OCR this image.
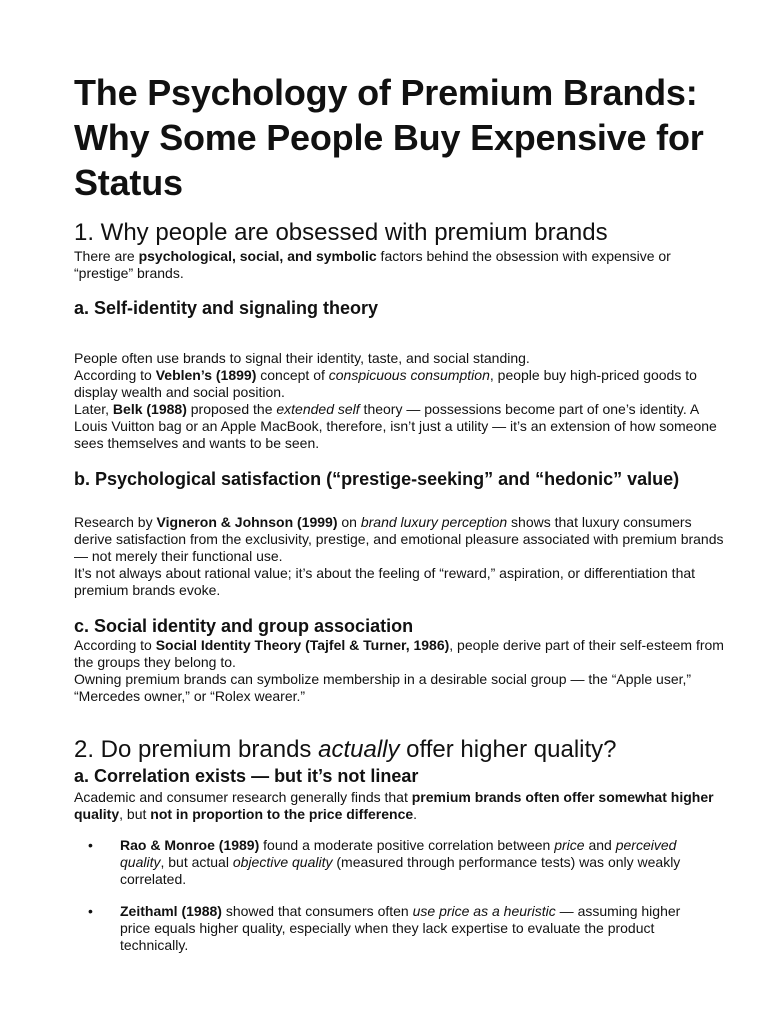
The Psychology of Premium Brands: Why Some People Buy Expensive for Status
1. Why people are obsessed with premium brands

There are psychological, social, and symbolic factors behind the obsession with expensive or “prestige” brands.

a. Self-identity and signaling theory
People often use brands to signal their identity, taste, and social standing.
According to Veblen’s (1899) concept of conspicuous consumption, people buy high-priced goods to display wealth and social position.
Later, Belk (1988) proposed the extended self theory — possessions become part of one’s identity. A Louis Vuitton bag or an Apple MacBook, therefore, isn’t just a utility — it’s an extension of how someone sees themselves and wants to be seen.
b. Psychological satisfaction (“prestige-seeking” and “hedonic” value)
Research by Vigneron & Johnson (1999) on brand luxury perception shows that luxury consumers derive satisfaction from the exclusivity, prestige, and emotional pleasure associated with premium brands — not merely their functional use.
It’s not always about rational value; it’s about the feeling of “reward,” aspiration, or differentiation that premium brands evoke.
c. Social identity and group association
According to Social Identity Theory (Tajfel & Turner, 1986), people derive part of their self-esteem from the groups they belong to.
Owning premium brands can symbolize membership in a desirable social group — the “Apple user,” “Mercedes owner,” or “Rolex wearer.”
2. Do premium brands actually offer higher quality?
a. Correlation exists — but it’s not linear

Academic and consumer research generally finds that premium brands often offer somewhat higher quality, but not in proportion to the price difference.

• Rao & Monroe (1989) found a moderate positive correlation between price and perceived quality, but actual objective quality (measured through performance tests) was only weakly correlated.

• Zeithaml (1988) showed that consumers often use price as a heuristic — assuming higher price equals higher quality, especially when they lack expertise to evaluate the product technically.
